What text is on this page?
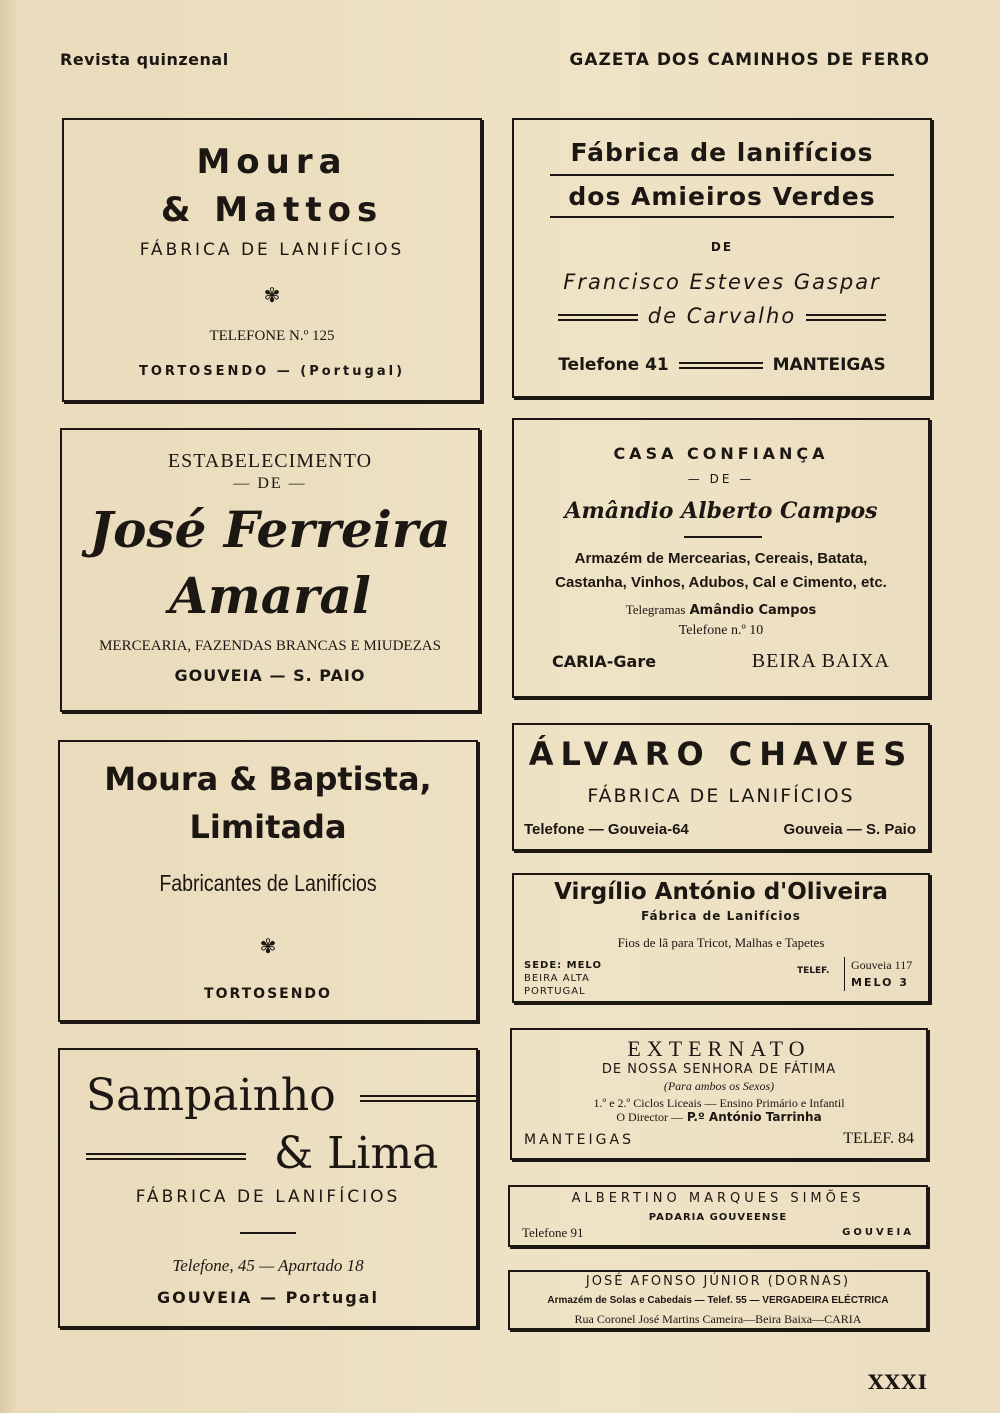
Revista quinzenal	GAZETA DOS CAMINHOS DE FERRO
Moura
& Mattos
FÁBRICA DE LANIFÍCIOS
✾
TELEFONE N.º 125
TORTOSENDO — (Portugal)
Fábrica de lanifícios
dos Amieiros Verdes
DE
Francisco Esteves Gaspar
de Carvalho
Telefone 41	MANTEIGAS
ESTABELECIMENTO
— DE —
José Ferreira
Amaral
MERCEARIA, FAZENDAS BRANCAS E MIUDEZAS
GOUVEIA — S. PAIO
CASA CONFIANÇA
— DE —
Amândio Alberto Campos
Armazém de Mercearias, Cereais, Batata,
Castanha, Vinhos, Adubos, Cal e Cimento, etc.
Telegramas Amândio Campos
Telefone n.º 10
CARIA-Gare	BEIRA BAIXA
ÁLVARO CHAVES
FÁBRICA DE LANIFÍCIOS
Telefone — Gouveia-64	Gouveia — S. Paio
Moura & Baptista,
Limitada
Fabricantes de Lanifícios
✾
TORTOSENDO
Virgílio António d'Oliveira
Fábrica de Lanifícios
Fios de lã para Tricot, Malhas e Tapetes
SEDE: MELO
BEIRA ALTA
PORTUGAL
TELEF. Gouveia 117
MELO 3
EXTERNATO
DE NOSSA SENHORA DE FÁTIMA
(Para ambos os Sexos)
1.º e 2.º Ciclos Liceais — Ensino Primário e Infantil
O Director — P.º António Tarrinha
MANTEIGAS	TELEF. 84
Sampainho
& Lima
FÁBRICA DE LANIFÍCIOS
Telefone, 45 — Apartado 18
GOUVEIA — Portugal
ALBERTINO MARQUES SIMÕES
PADARIA GOUVEENSE
Telefone 91	GOUVEIA
JOSÉ AFONSO JÚNIOR (DORNAS)
Armazém de Solas e Cabedais — Telef. 55 — VERGADEIRA ELÉCTRICA
Rua Coronel José Martins Cameira—Beira Baixa—CARIA
XXXI
